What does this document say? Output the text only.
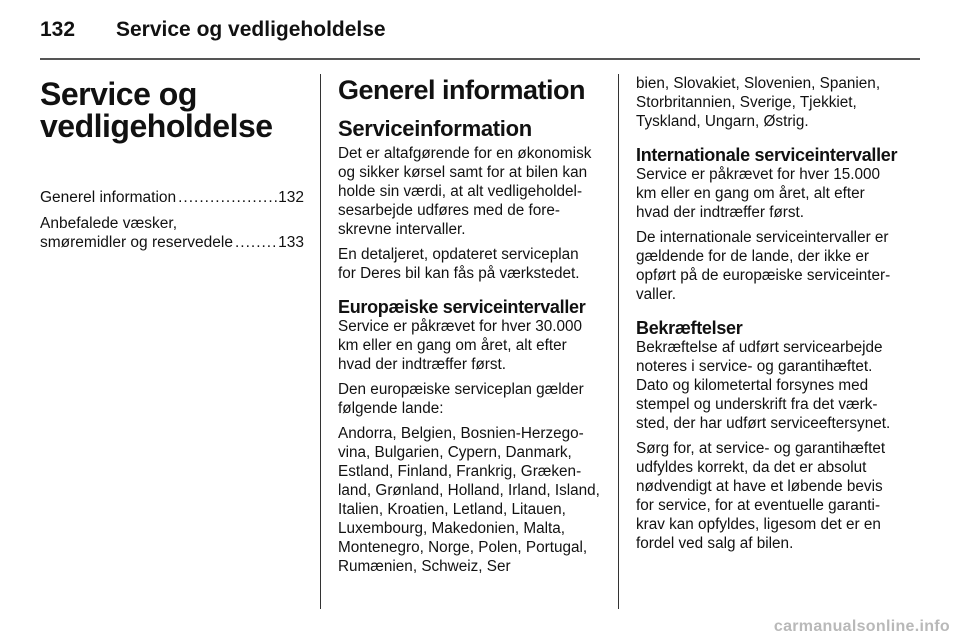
132 Service og vedligeholdelse
Service og
vedligeholdelse
Generel information .....	132
Anbefalede væsker,
smøremidler og reservedele .....	133
Generel information
Serviceinformation

Det er altafgørende for en økonomisk og sikker kørsel samt for at bilen kan holde sin værdi, at alt vedligeholdelsesarbejde udføres med de foreskrevne intervaller.

En detaljeret, opdateret serviceplan for Deres bil kan fås på værkstedet.

Europæiske serviceintervaller

Service er påkrævet for hver 30.000 km eller en gang om året, alt efter hvad der indtræffer først.

Den europæiske serviceplan gælder følgende lande:

Andorra, Belgien, Bosnien-Herzegovina, Bulgarien, Cypern, Danmark, Estland, Finland, Frankrig, Grækenland, Grønland, Holland, Irland, Island, Italien, Kroatien, Letland, Litauen, Luxembourg, Makedonien, Malta, Montenegro, Norge, Polen, Portugal, Rumænien, Schweiz, Ser

bien, Slovakiet, Slovenien, Spanien, Storbritannien, Sverige, Tjekkiet, Tyskland, Ungarn, Østrig.

Internationale serviceintervaller

Service er påkrævet for hver 15.000 km eller en gang om året, alt efter hvad der indtræffer først.

De internationale serviceintervaller er gældende for de lande, der ikke er opført på de europæiske serviceintervaller.

Bekræftelser

Bekræftelse af udført servicearbejde noteres i service- og garantihæftet. Dato og kilometertal forsynes med stempel og underskrift fra det værksted, der har udført serviceeftersynet.

Sørg for, at service- og garantihæftet udfyldes korrekt, da det er absolut nødvendigt at have et løbende bevis for service, for at eventuelle garantikrav kan opfyldes, ligesom det er en fordel ved salg af bilen.

carmanualsonline.info
